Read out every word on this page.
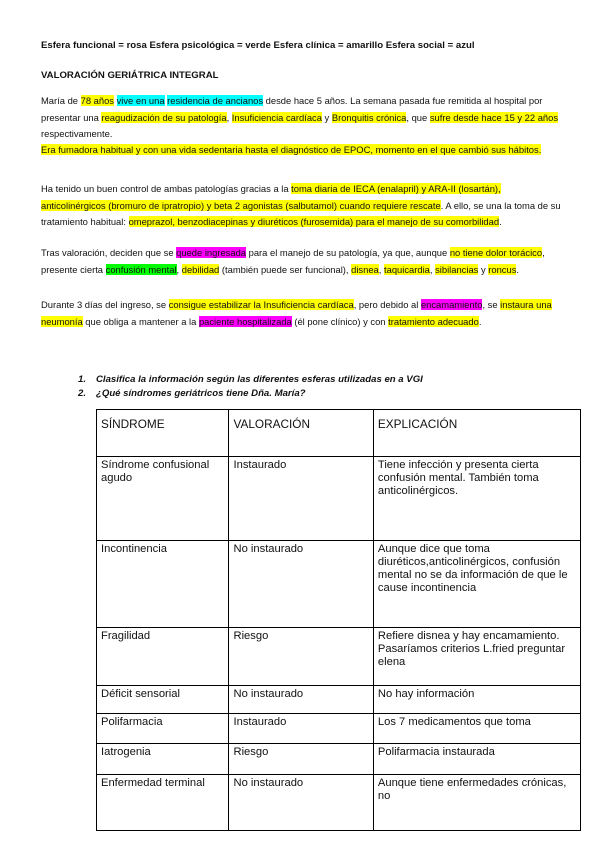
Esfera funcional = rosa Esfera psicológica = verde Esfera clínica = amarillo Esfera social = azul
VALORACIÓN GERIÁTRICA INTEGRAL

María de 78 años vive en una residencia de ancianos desde hace 5 años. La semana pasada fue remitida al hospital por presentar una reagudización de su patología, Insuficiencia cardíaca y Bronquitis crónica, que sufre desde hace 15 y 22 años respectivamente.

Era fumadora habitual y con una vida sedentaria hasta el diagnóstico de EPOC, momento en el que cambió sus hábitos.

Ha tenido un buen control de ambas patologías gracias a la toma diaria de IECA (enalapril) y ARA-II (losartán), anticolinérgicos (bromuro de ipratropio) y beta 2 agonistas (salbutamol) cuando requiere rescate. A ello, se una la toma de su tratamiento habitual: omeprazol, benzodiacepinas y diuréticos (furosemida) para el manejo de su comorbilidad.

Tras valoración, deciden que se quede ingresada para el manejo de su patología, ya que, aunque no tiene dolor torácico, presente cierta confusión mental, debilidad (también puede ser funcional), disnea, taquicardia, sibilancias y roncus.

Durante 3 días del ingreso, se consigue estabilizar la Insuficiencia cardíaca, pero debido al encamamiento, se instaura una neumonía que obliga a mantener a la paciente hospitalizada (él pone clínico) y con tratamiento adecuado.

1. Clasifica la información según las diferentes esferas utilizadas en a VGI
2. ¿Qué síndromes geriátricos tiene Dña. María?
SÍNDROME	VALORACIÓN	EXPLICACIÓN
Síndrome confusional agudo	Instaurado	Tiene infección y presenta cierta confusión mental. También toma anticolinérgicos.
Incontinencia	No instaurado	Aunque dice que toma diuréticos,anticolinérgicos, confusión mental no se da información de que le cause incontinencia
Fragilidad	Riesgo	Refiere disnea y hay encamamiento. Pasaríamos criterios L.fried preguntar elena
Déficit sensorial	No instaurado	No hay información
Polifarmacia	Instaurado	Los 7 medicamentos que toma
Iatrogenia	Riesgo	Polifarmacia instaurada
Enfermedad terminal	No instaurado	Aunque tiene enfermedades crónicas, no
